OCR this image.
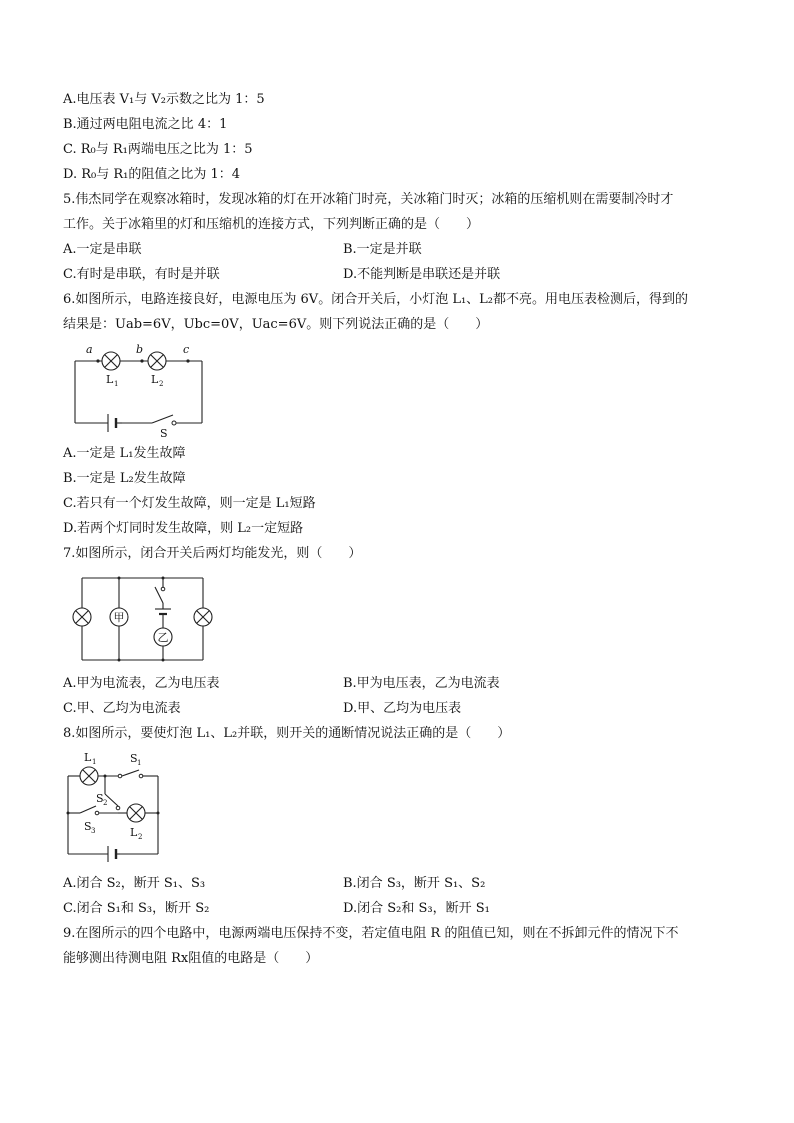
A.电压表 V₁与 V₂示数之比为 1：5
B.通过两电阻电流之比 4：1
C. R₀与 R₁两端电压之比为 1：5
D. R₀与 R₁的阻值之比为 1：4
5.伟杰同学在观察冰箱时，发现冰箱的灯在开冰箱门时亮，关冰箱门时灭；冰箱的压缩机则在需要制冷时才
工作。关于冰箱里的灯和压缩机的连接方式，下列判断正确的是（　　）
A.一定是串联	B.一定是并联
C.有时是串联，有时是并联	D.不能判断是串联还是并联
6.如图所示，电路连接良好，电源电压为 6V。闭合开关后，小灯泡 L₁、L₂都不亮。用电压表检测后，得到的
结果是：Uab=6V，Ubc=0V，Uac=6V。则下列说法正确的是（　　）
a	b	c
L 1	L 2
S
A.一定是 L₁发生故障
B.一定是 L₂发生故障
C.若只有一个灯发生故障，则一定是 L₁短路
D.若两个灯同时发生故障，则 L₂一定短路
7.如图所示，闭合开关后两灯均能发光，则（　　）
甲
乙
A.甲为电流表，乙为电压表	B.甲为电压表，乙为电流表
C.甲、乙均为电流表	D.甲、乙均为电压表
8.如图所示，要使灯泡 L₁、L₂并联，则开关的通断情况说法正确的是（　　）
L 1	S 1
S 2
S 3	L 2
A.闭合 S₂，断开 S₁、S₃	B.闭合 S₃，断开 S₁、S₂
C.闭合 S₁和 S₃，断开 S₂	D.闭合 S₂和 S₃，断开 S₁
9.在图所示的四个电路中，电源两端电压保持不变，若定值电阻 R 的阻值已知，则在不拆卸元件的情况下不
能够测出待测电阻 Rx阻值的电路是（　　）
